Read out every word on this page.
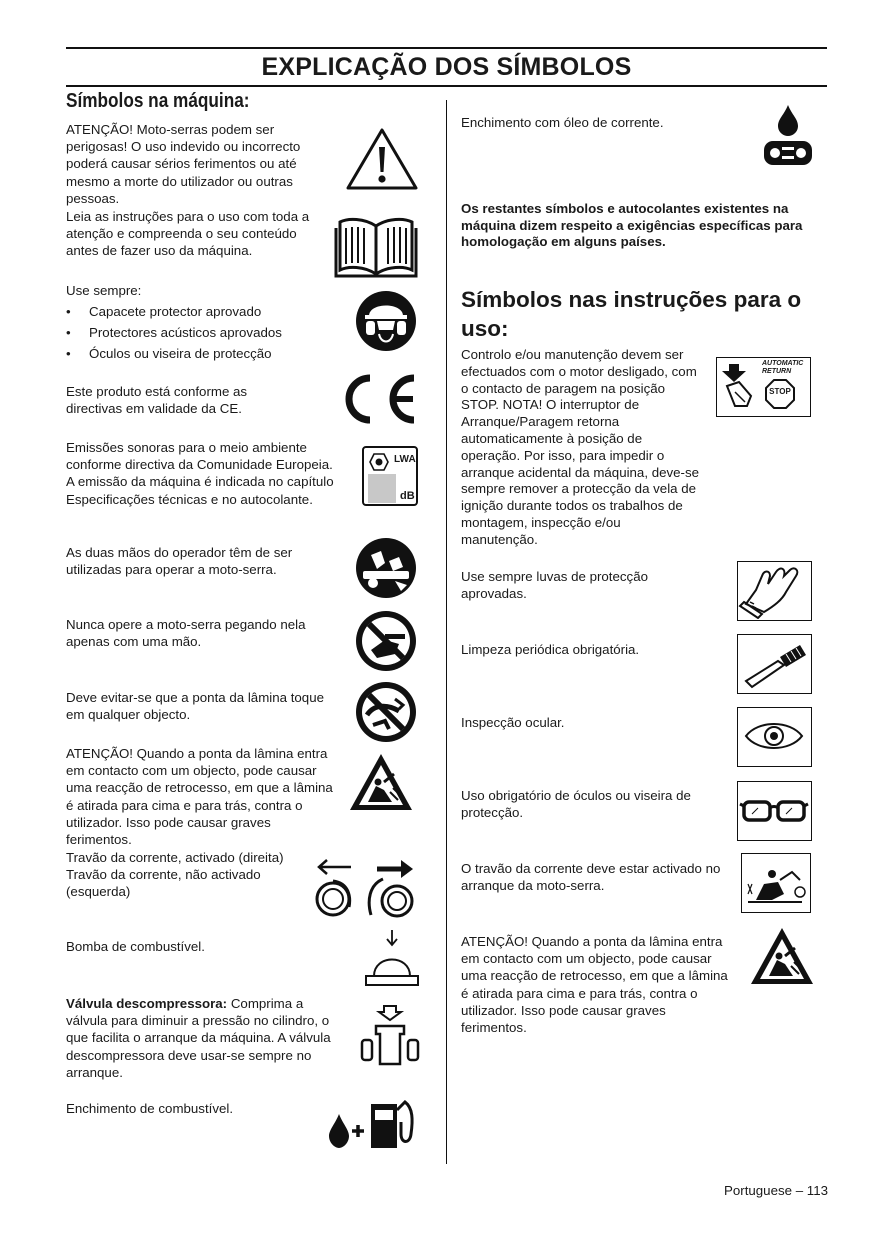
EXPLICAÇÃO DOS SÍMBOLOS
Símbolos na máquina:
ATENÇÃO! Moto-serras podem ser perigosas! O uso indevido ou incorrecto poderá causar sérios ferimentos ou até mesmo a morte do utilizador ou outras pessoas.
Leia as instruções para o uso com toda a atenção e compreenda o seu conteúdo antes de fazer uso da máquina.
Use sempre:
• Capacete protector aprovado
• Protectores acústicos aprovados
• Óculos ou viseira de protecção
Este produto está conforme as directivas em validade da CE.
Emissões sonoras para o meio ambiente conforme directiva da Comunidade Europeia. A emissão da máquina é indicada no capítulo Especificações técnicas e no autocolante.
As duas mãos do operador têm de ser utilizadas para operar a moto-serra.
Nunca opere a moto-serra pegando nela apenas com uma mão.
Deve evitar-se que a ponta da lâmina toque em qualquer objecto.
ATENÇÃO! Quando a ponta da lâmina entra em contacto com um objecto, pode causar uma reacção de retrocesso, em que a lâmina é atirada para cima e para trás, contra o utilizador. Isso pode causar graves ferimentos.
Travão da corrente, activado (direita) Travão da corrente, não activado (esquerda)
Bomba de combustível.
Válvula descompressora: Comprima a válvula para diminuir a pressão no cilindro, o que facilita o arranque da máquina. A válvula descompressora deve usar-se sempre no arranque.
Enchimento de combustível.
Enchimento com óleo de corrente.
Os restantes símbolos e autocolantes existentes na máquina dizem respeito a exigências específicas para homologação em alguns países.
Símbolos nas instruções para o uso:
Controlo e/ou manutenção devem ser efectuados com o motor desligado, com o contacto de paragem na posição STOP. NOTA! O interruptor de Arranque/Paragem retorna automaticamente à posição de operação. Por isso, para impedir o arranque acidental da máquina, deve-se sempre remover a protecção da vela de ignição durante todos os trabalhos de montagem, inspecção e/ou manutenção.
Use sempre luvas de protecção aprovadas.
Limpeza periódica obrigatória.
Inspecção ocular.
Uso obrigatório de óculos ou viseira de protecção.
O travão da corrente deve estar activado no arranque da moto-serra.
ATENÇÃO! Quando a ponta da lâmina entra em contacto com um objecto, pode causar uma reacção de retrocesso, em que a lâmina é atirada para cima e para trás, contra o utilizador. Isso pode causar graves ferimentos.
Portuguese – 113
LWA
dB
AUTOMATIC
RETURN
STOP
